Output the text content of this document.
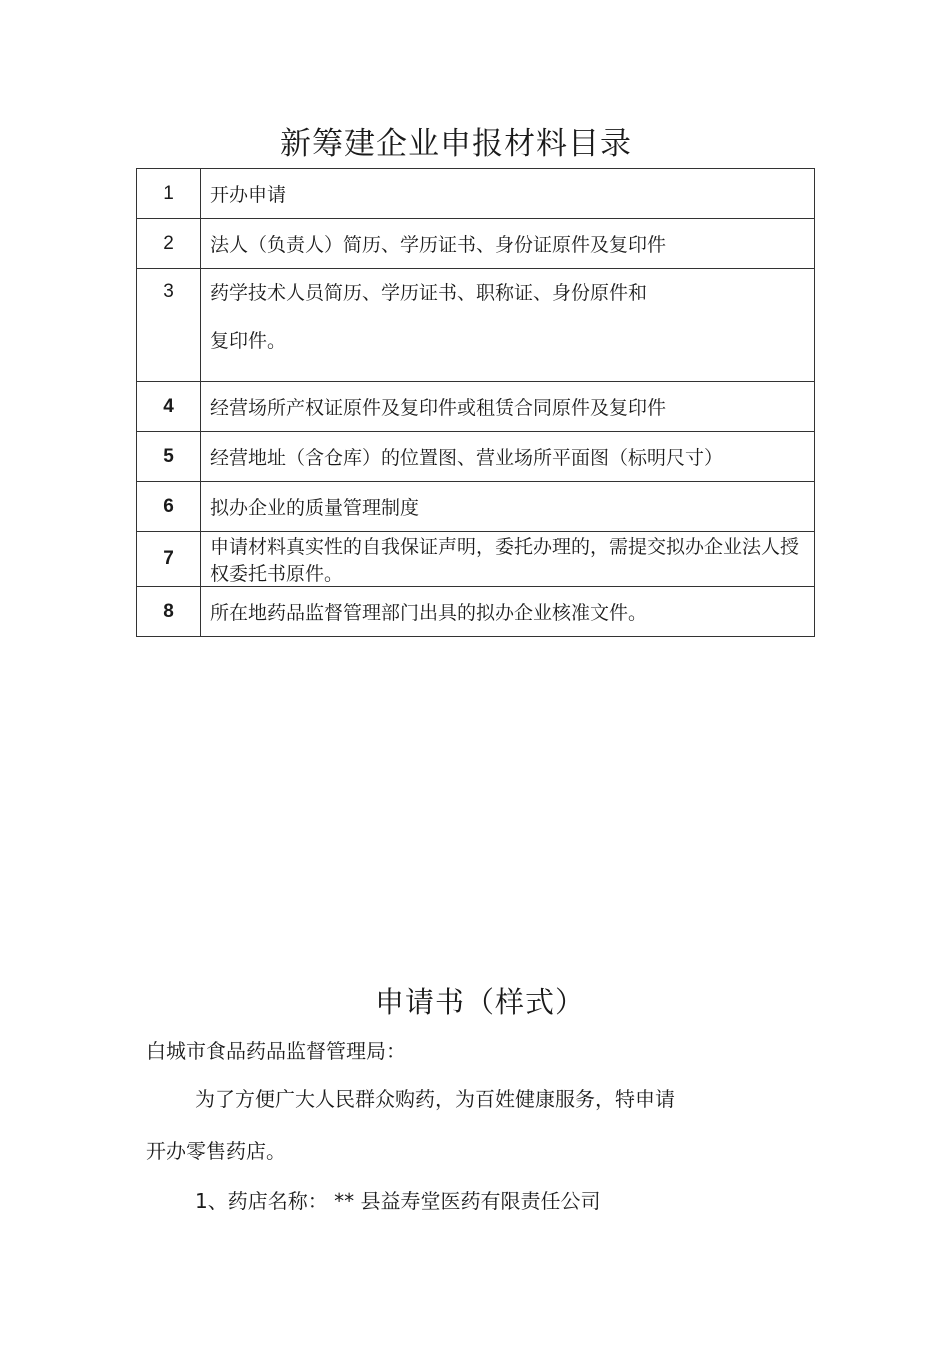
新筹建企业申报材料目录
1	开办申请
2	法人（负责人）简历、学历证书、身份证原件及复印件
3	药学技术人员简历、学历证书、职称证、身份原件和
复印件。
4	经营场所产权证原件及复印件或租赁合同原件及复印件
5	经营地址（含仓库）的位置图、营业场所平面图（标明尺寸）
6	拟办企业的质量管理制度
7	申请材料真实性的自我保证声明，委托办理的，需提交拟办企业法人授权委托书原件。
8	所在地药品监督管理部门出具的拟办企业核准文件。
申请书（样式）
白城市食品药品监督管理局：
为了方便广大人民群众购药，为百姓健康服务，特申请
开办零售药店。
1、药店名称： ** 县益寿堂医药有限责任公司
